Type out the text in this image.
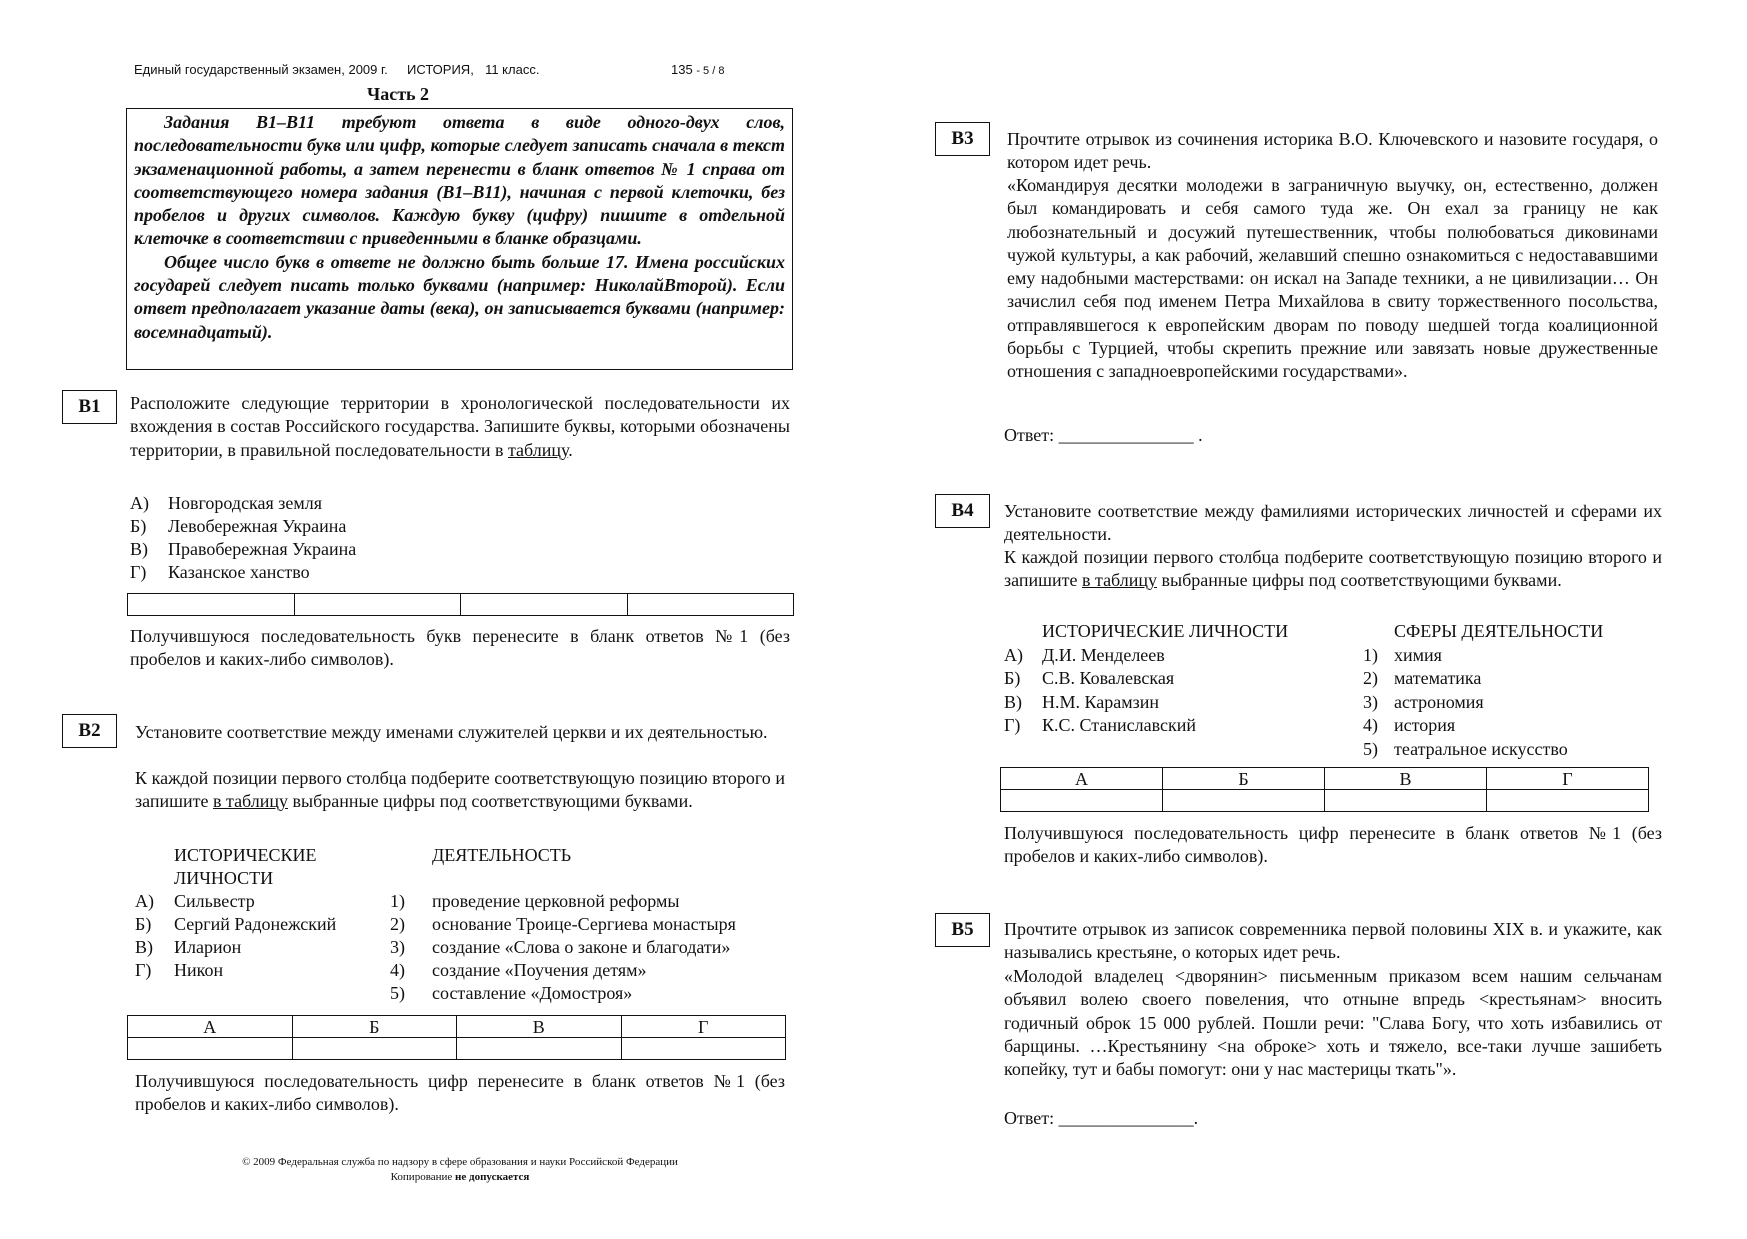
Единый государственный экзамен, 2009 г. ИСТОРИЯ, 11 класс.	135 - 5 / 8
Часть 2
Задания В1–В11 требуют ответа в виде одного-двух слов, последовательности букв или цифр, которые следует записать сначала в текст экзаменационной работы, а затем перенести в бланк ответов № 1 справа от соответствующего номера задания (В1–В11), начиная с первой клеточки, без пробелов и других символов. Каждую букву (цифру) пишите в отдельной клеточке в соответствии с приведенными в бланке образцами.
Общее число букв в ответе не должно быть больше 17. Имена российских государей следует писать только буквами (например: НиколайВторой). Если ответ предполагает указание даты (века), он записывается буквами (например: восемнадцатый).
В1	Расположите следующие территории в хронологической последовательности их вхождения в состав Российского государства. Запишите буквы, которыми обозначены территории, в правильной последовательности в таблицу.
А) Новгородская земля
Б) Левобережная Украина
В) Правобережная Украина
Г) Казанское ханство

Получившуюся последовательность букв перенесите в бланк ответов №1 (без пробелов и каких-либо символов).
В2	Установите соответствие между именами служителей церкви и их деятельностью.
К каждой позиции первого столбца подберите соответствующую позицию второго и запишите в таблицу выбранные цифры под соответствующими буквами.
ИСТОРИЧЕСКИЕ
ЛИЧНОСТИ
ДЕЯТЕЛЬНОСТЬ
А) Сильвестр
Б) Сергий Радонежский
В) Иларион
Г) Никон
1) проведение церковной реформы
2) основание Троице-Сергиева монастыря
3) создание «Слова о законе и благодати»
4) создание «Поучения детям»
5) составление «Домостроя»
А	Б	В	Г

Получившуюся последовательность цифр перенесите в бланк ответов №1 (без пробелов и каких-либо символов).
© 2009 Федеральная служба по надзору в сфере образования и науки Российской Федерации
Копирование не допускается
В3	Прочтите отрывок из сочинения историка В.О. Ключевского и назовите государя, о котором идет речь.
«Командируя десятки молодежи в заграничную выучку, он, естественно, должен был командировать и себя самого туда же. Он ехал за границу не как любознательный и досужий путешественник, чтобы полюбоваться диковинами чужой культуры, а как рабочий, желавший спешно ознакомиться с недостававшими ему надобными мастерствами: он искал на Западе техники, а не цивилизации… Он зачислил себя под именем Петра Михайлова в свиту торжественного посольства, отправлявшегося к европейским дворам по поводу шедшей тогда коалиционной борьбы с Турцией, чтобы скрепить прежние или завязать новые дружественные отношения с западноевропейскими государствами».
Ответ: _______________ .
В4	Установите соответствие между фамилиями исторических личностей и сферами их деятельности.
К каждой позиции первого столбца подберите соответствующую позицию второго и запишите в таблицу выбранные цифры под соответствующими буквами.
ИСТОРИЧЕСКИЕ ЛИЧНОСТИ	СФЕРЫ ДЕЯТЕЛЬНОСТИ
А) Д.И. Менделеев
Б) С.В. Ковалевская
В) Н.М. Карамзин
Г) К.С. Станиславский
1) химия
2) математика
3) астрономия
4) история
5) театральное искусство
А	Б	В	Г

Получившуюся последовательность цифр перенесите в бланк ответов №1 (без пробелов и каких-либо символов).
В5	Прочтите отрывок из записок современника первой половины XIX в. и укажите, как назывались крестьяне, о которых идет речь.
«Молодой владелец <дворянин> письменным приказом всем нашим сельчанам объявил волею своего повеления, что отныне впредь <крестьянам> вносить годичный оброк 15 000 рублей. Пошли речи: "Слава Богу, что хоть избавились от барщины. …Крестьянину <на оброке> хоть и тяжело, все-таки лучше зашибеть копейку, тут и бабы помогут: они у нас мастерицы ткать"».
Ответ: _______________.
